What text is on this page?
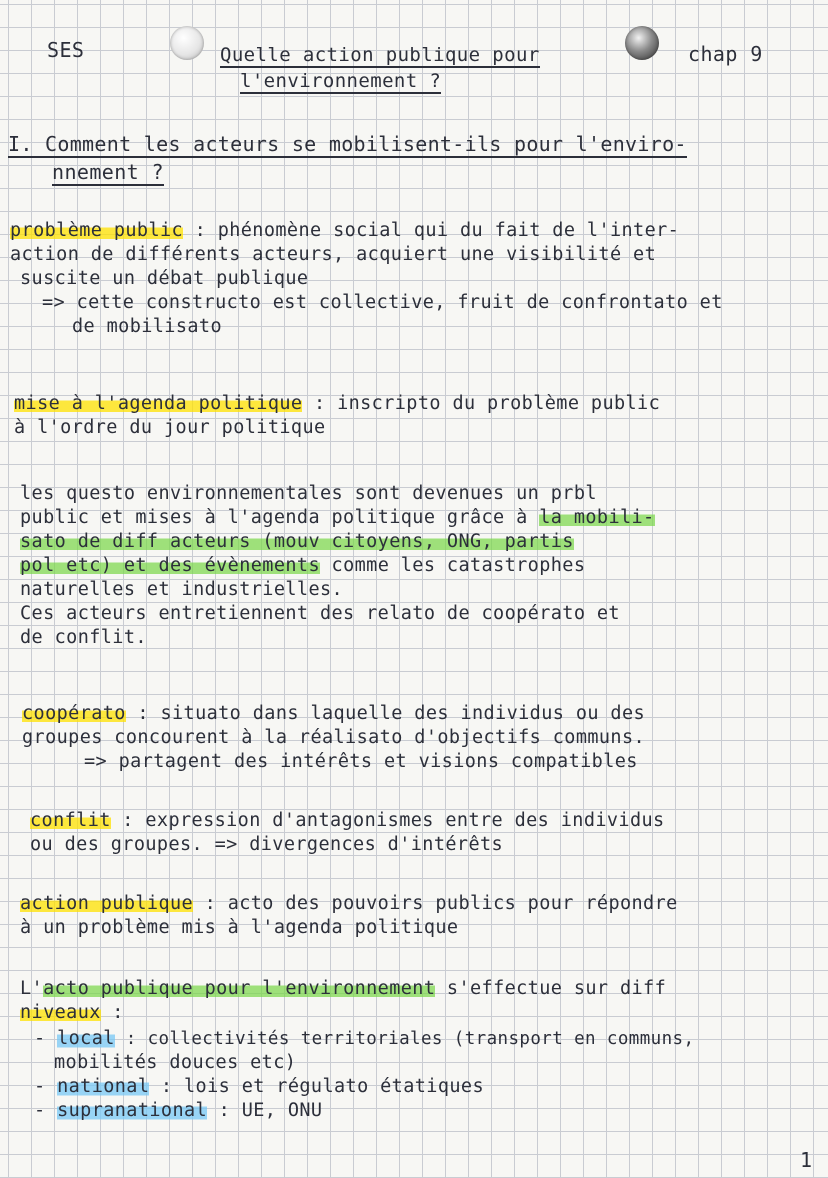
SES	Quelle action publique pour
l'environnement ?
chap 9
I. Comment les acteurs se mobilisent-ils pour l'enviro-
nnement ?
problème public : phénomène social qui du fait de l'inter-
action de différents acteurs, acquiert une visibilité et
suscite un débat publique
=> cette constructo est collective, fruit de confrontato et
de mobilisato
mise à l'agenda politique : inscripto du problème public
à l'ordre du jour politique
les questo environnementales sont devenues un prbl
public et mises à l'agenda politique grâce à la mobili-
sato de diff acteurs (mouv citoyens, ONG, partis
pol etc) et des évènements comme les catastrophes
naturelles et industrielles.
Ces acteurs entretiennent des relato de coopérato et
de conflit.
coopérato : situato dans laquelle des individus ou des
groupes concourent à la réalisato d'objectifs communs.
=> partagent des intérêts et visions compatibles
conflit : expression d'antagonismes entre des individus
ou des groupes. => divergences d'intérêts
action publique : acto des pouvoirs publics pour répondre
à un problème mis à l'agenda politique
L'acto publique pour l'environnement s'effectue sur diff
niveaux :
- local : collectivités territoriales (transport en communs,
mobilités douces etc)
- national : lois et régulato étatiques
- supranational : UE, ONU
1
